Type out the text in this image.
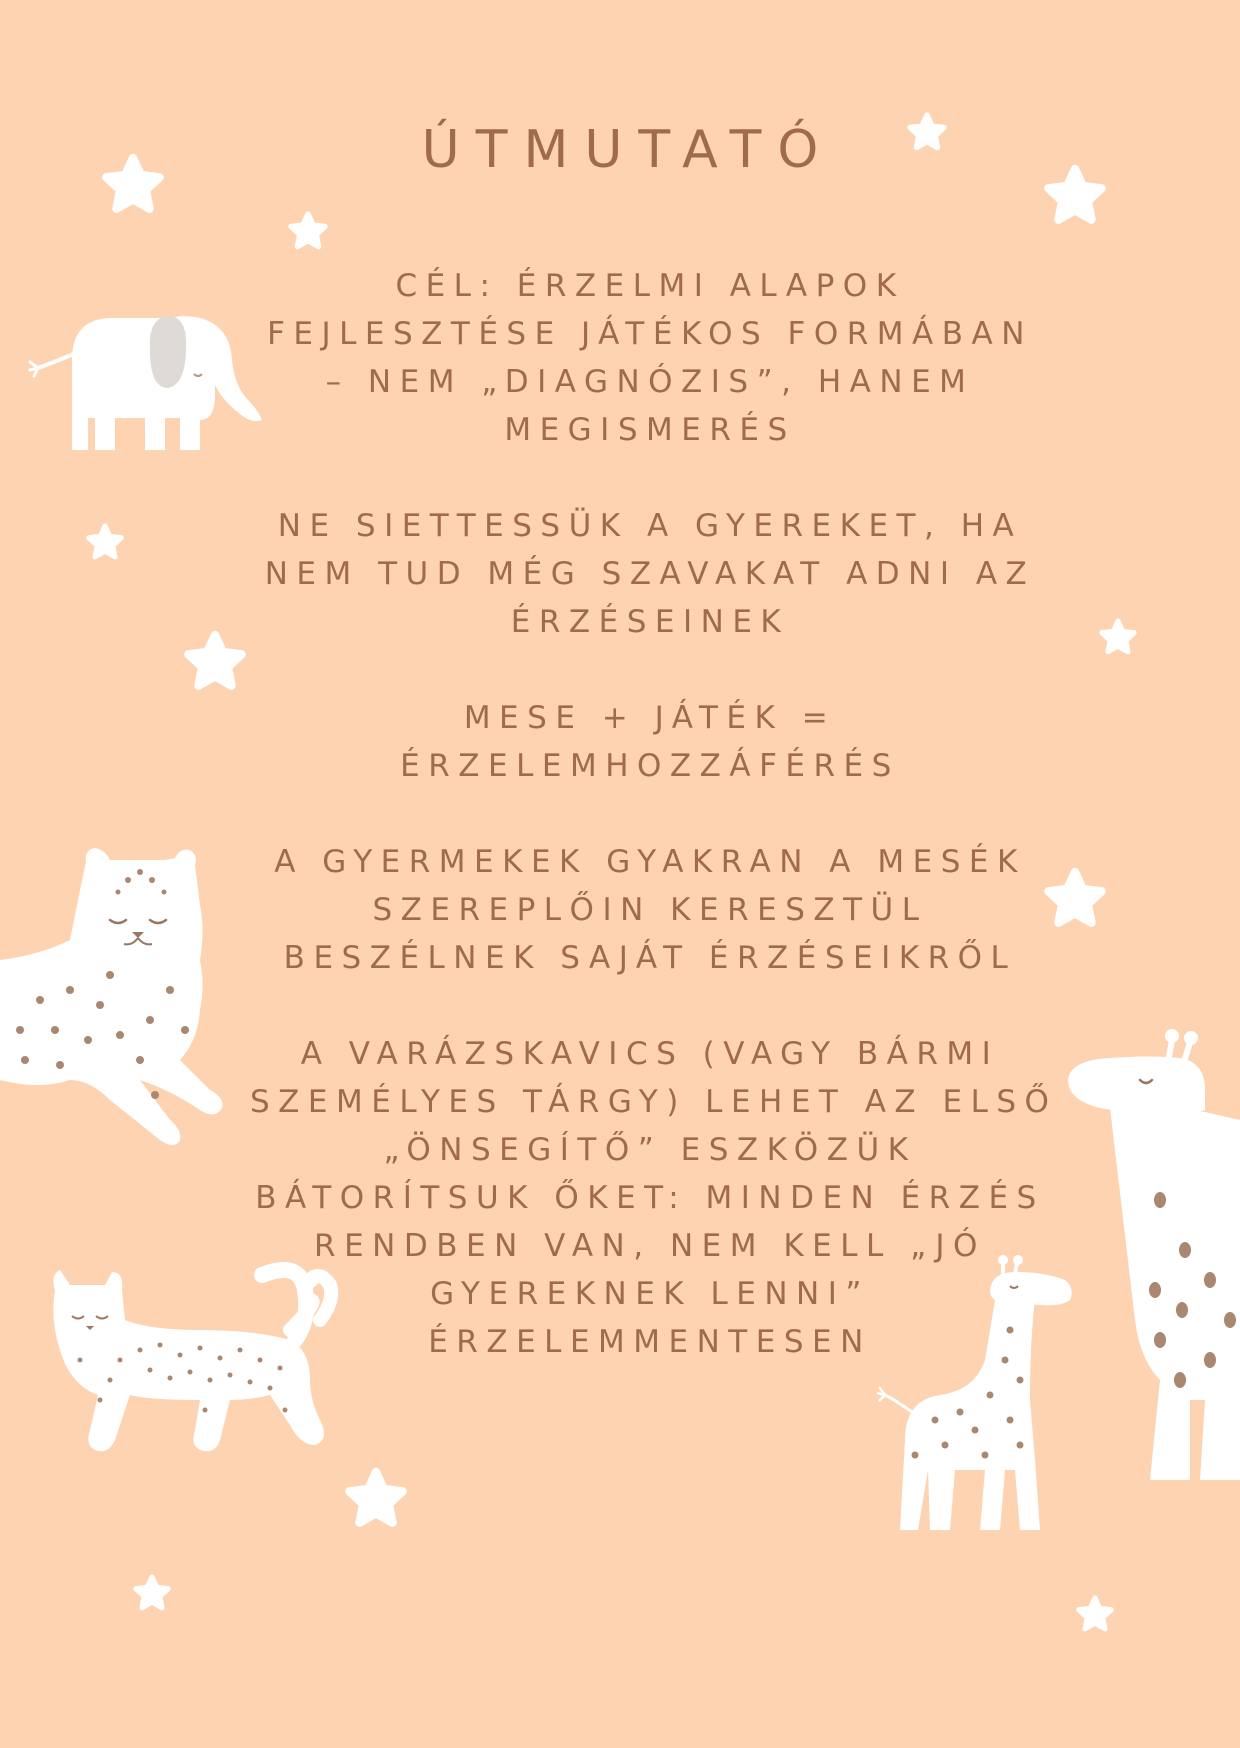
ÚTMUTATÓ

CÉL: ÉRZELMI ALAPOK
FEJLESZTÉSE JÁTÉKOS FORMÁBAN
– NEM „DIAGNÓZIS”, HANEM
MEGISMERÉS

NE SIETTESSÜK A GYEREKET, HA
NEM TUD MÉG SZAVAKAT ADNI AZ
ÉRZÉSEINEK

MESE + JÁTÉK =
ÉRZELEMHOZZÁFÉRÉS

A GYERMEKEK GYAKRAN A MESÉK
SZEREPLŐIN KERESZTÜL
BESZÉLNEK SAJÁT ÉRZÉSEIKRŐL

A VARÁZSKAVICS (VAGY BÁRMI
SZEMÉLYES TÁRGY) LEHET AZ ELSŐ
„ÖNSEGÍTŐ” ESZKÖZÜK
BÁTORÍTSUK ŐKET: MINDEN ÉRZÉS
RENDBEN VAN, NEM KELL „JÓ
GYEREKNEK LENNI”
ÉRZELEMMENTESEN
